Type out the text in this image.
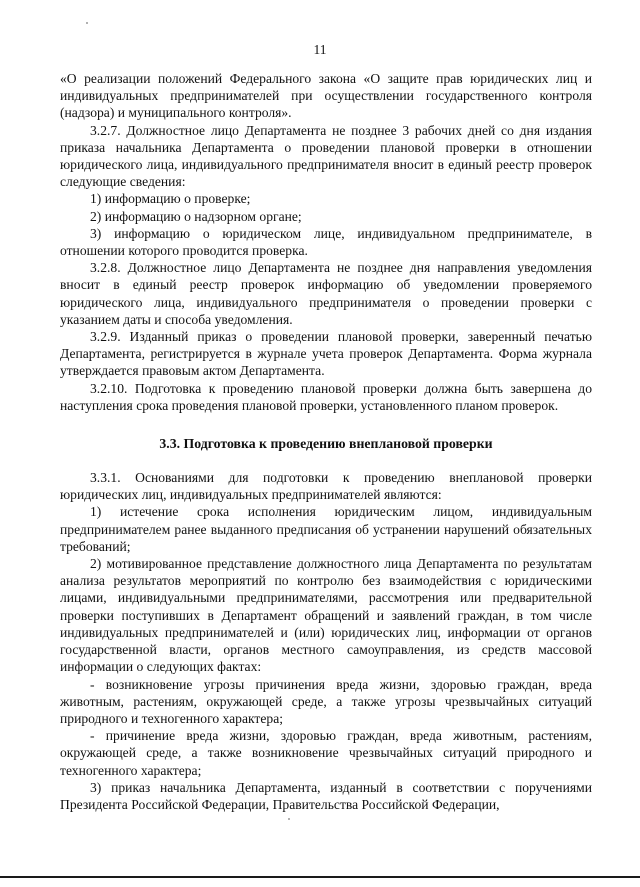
11

«О реализации положений Федерального закона «О защите прав юридических лиц и индивидуальных предпринимателей при осуществлении государственного контроля (надзора) и муниципального контроля».

3.2.7. Должностное лицо Департамента не позднее 3 рабочих дней со дня издания приказа начальника Департамента о проведении плановой проверки в отношении юридического лица, индивидуального предпринимателя вносит в единый реестр проверок следующие сведения:

1) информацию о проверке;

2) информацию о надзорном органе;

3) информацию о юридическом лице, индивидуальном предпринимателе, в отношении которого проводится проверка.

3.2.8. Должностное лицо Департамента не позднее дня направления уведомления вносит в единый реестр проверок информацию об уведомлении проверяемого юридического лица, индивидуального предпринимателя о проведении проверки с указанием даты и способа уведомления.

3.2.9. Изданный приказ о проведении плановой проверки, заверенный печатью Департамента, регистрируется в журнале учета проверок Департамента. Форма журнала утверждается правовым актом Департамента.

3.2.10. Подготовка к проведению плановой проверки должна быть завершена до наступления срока проведения плановой проверки, установленного планом проверок.

3.3. Подготовка к проведению внеплановой проверки

3.3.1. Основаниями для подготовки к проведению внеплановой проверки юридических лиц, индивидуальных предпринимателей являются:

1) истечение срока исполнения юридическим лицом, индивидуальным предпринимателем ранее выданного предписания об устранении нарушений обязательных требований;

2) мотивированное представление должностного лица Департамента по результатам анализа результатов мероприятий по контролю без взаимодействия с юридическими лицами, индивидуальными предпринимателями, рассмотрения или предварительной проверки поступивших в Департамент обращений и заявлений граждан, в том числе индивидуальных предпринимателей и (или) юридических лиц, информации от органов государственной власти, органов местного самоуправления, из средств массовой информации о следующих фактах:

- возникновение угрозы причинения вреда жизни, здоровью граждан, вреда животным, растениям, окружающей среде, а также угрозы чрезвычайных ситуаций природного и техногенного характера;

- причинение вреда жизни, здоровью граждан, вреда животным, растениям, окружающей среде, а также возникновение чрезвычайных ситуаций природного и техногенного характера;

3) приказ начальника Департамента, изданный в соответствии с поручениями Президента Российской Федерации, Правительства Российской Федерации,
